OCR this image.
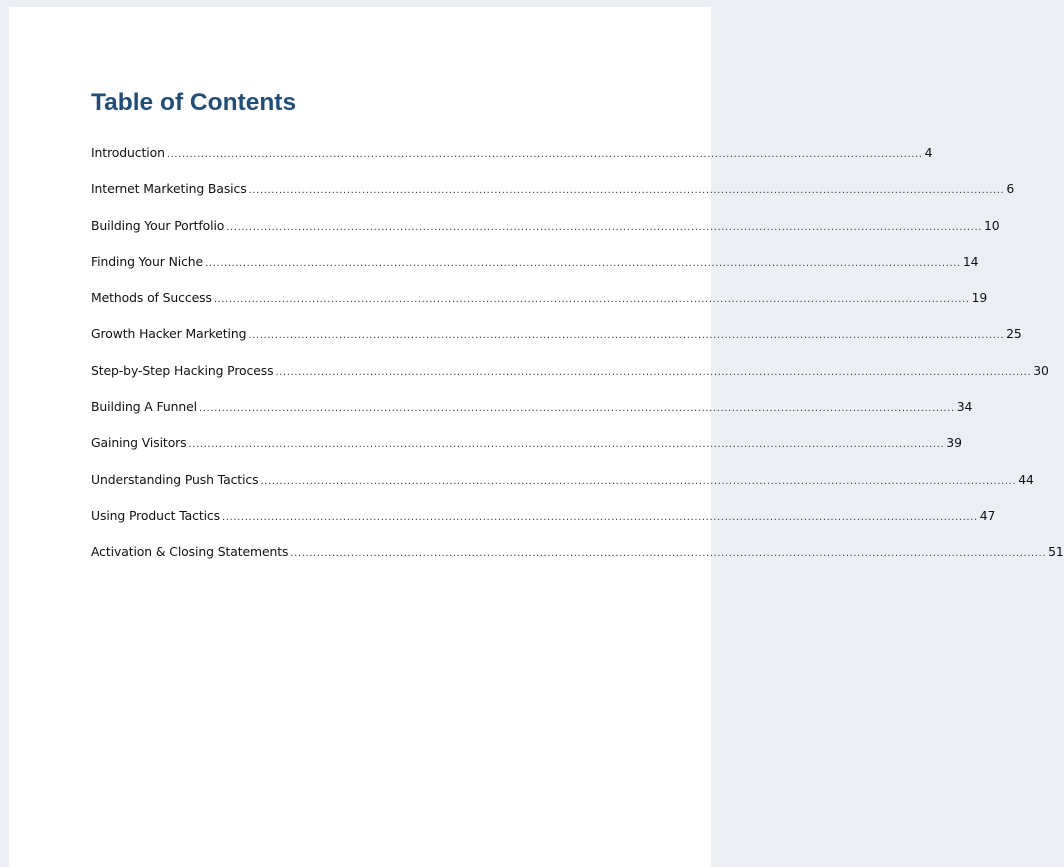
Table of Contents
Introduction ........................................................................................................................................................................................................ 4
Internet Marketing Basics ........................................................................................................................................................................................................ 6
Building Your Portfolio ........................................................................................................................................................................................................ 10
Finding Your Niche ........................................................................................................................................................................................................ 14
Methods of Success ........................................................................................................................................................................................................ 19
Growth Hacker Marketing ........................................................................................................................................................................................................ 25
Step-by-Step Hacking Process ........................................................................................................................................................................................................ 30
Building A Funnel ........................................................................................................................................................................................................ 34
Gaining Visitors ........................................................................................................................................................................................................ 39
Understanding Push Tactics ........................................................................................................................................................................................................ 44
Using Product Tactics ........................................................................................................................................................................................................ 47
Activation & Closing Statements ........................................................................................................................................................................................................ 51
